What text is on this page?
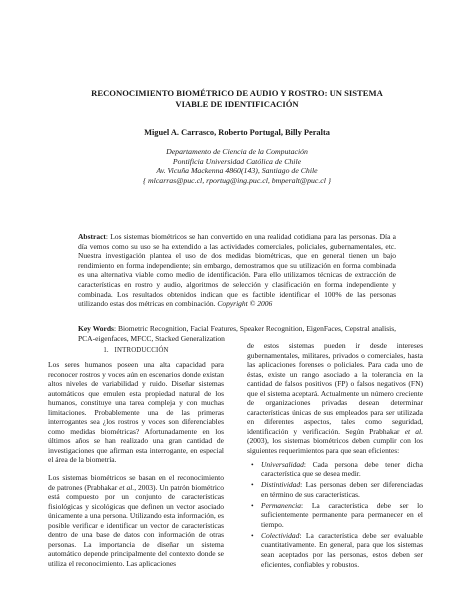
RECONOCIMIENTO BIOMÉTRICO DE AUDIO Y ROSTRO: UN SISTEMA
VIABLE DE IDENTIFICACIÓN
Miguel A. Carrasco, Roberto Portugal, Billy Peralta
Departamento de Ciencia de la Computación
Pontificia Universidad Católica de Chile
Av. Vicuña Mackenna 4860(143), Santiago de Chile
{ mlcarras@puc.cl, rportug@ing.puc.cl, bmperalt@puc.cl }
Abstract: Los sistemas biométricos se han convertido en una realidad cotidiana para las personas. Día a día vemos como su uso se ha extendido a las actividades comerciales, policiales, gubernamentales, etc. Nuestra investigación plantea el uso de dos medidas biométricas, que en general tienen un bajo rendimiento en forma independiente; sin embargo, demostramos que su utilización en forma combinada es una alternativa viable como medio de identificación. Para ello utilizamos técnicas de extracción de características en rostro y audio, algoritmos de selección y clasificación en forma independiente y combinada. Los resultados obtenidos indican que es factible identificar el 100% de las personas utilizando estas dos métricas en combinación. Copyright © 2006
Key Words: Biometric Recognition, Facial Features, Speaker Recognition, EigenFaces, Cepstral analisis, PCA-eigenfaces, MFCC, Stacked Generalization
1. INTRODUCCIÓN

Los seres humanos poseen una alta capacidad para reconocer rostros y voces aún en escenarios donde existan altos niveles de variabilidad y ruido. Diseñar sistemas automáticos que emulen esta propiedad natural de los humanos, constituye una tarea compleja y con muchas limitaciones. Probablemente una de las primeras interrogantes sea ¿los rostros y voces son diferenciables como medidas biométricas? Afortunadamente en los últimos años se han realizado una gran cantidad de investigaciones que afirman esta interrogante, en especial el área de la biometría.

Los sistemas biométricos se basan en el reconocimiento de patrones (Prabhakar et al., 2003). Un patrón biométrico está compuesto por un conjunto de características fisiológicas y sicológicas que definen un vector asociado únicamente a una persona. Utilizando esta información, es posible verificar e identificar un vector de características dentro de una base de datos con información de otras personas. La importancia de diseñar un sistema automático depende principalmente del contexto donde se utiliza el reconocimiento. Las aplicaciones

de estos sistemas pueden ir desde intereses gubernamentales, militares, privados o comerciales, hasta las aplicaciones forenses o policiales. Para cada uno de éstas, existe un rango asociado a la tolerancia en la cantidad de falsos positivos (FP) o falsos negativos (FN) que el sistema aceptará. Actualmente un número creciente de organizaciones privadas desean determinar características únicas de sus empleados para ser utilizada en diferentes aspectos, tales como seguridad, identificación y verificación. Según Prabhakar et al. (2003), los sistemas biométricos deben cumplir con los siguientes requerimientos para que sean eficientes:

• Universalidad: Cada persona debe tener dicha característica que se desea medir.
• Distintividad: Las personas deben ser diferenciadas en término de sus características.
• Permanencia: La característica debe ser lo suficientemente permanente para permanecer en el tiempo.
• Colectividad: La característica debe ser evaluable cuantitativamente. En general, para que los sistemas sean aceptados por las personas, estos deben ser eficientes, confiables y robustos.
